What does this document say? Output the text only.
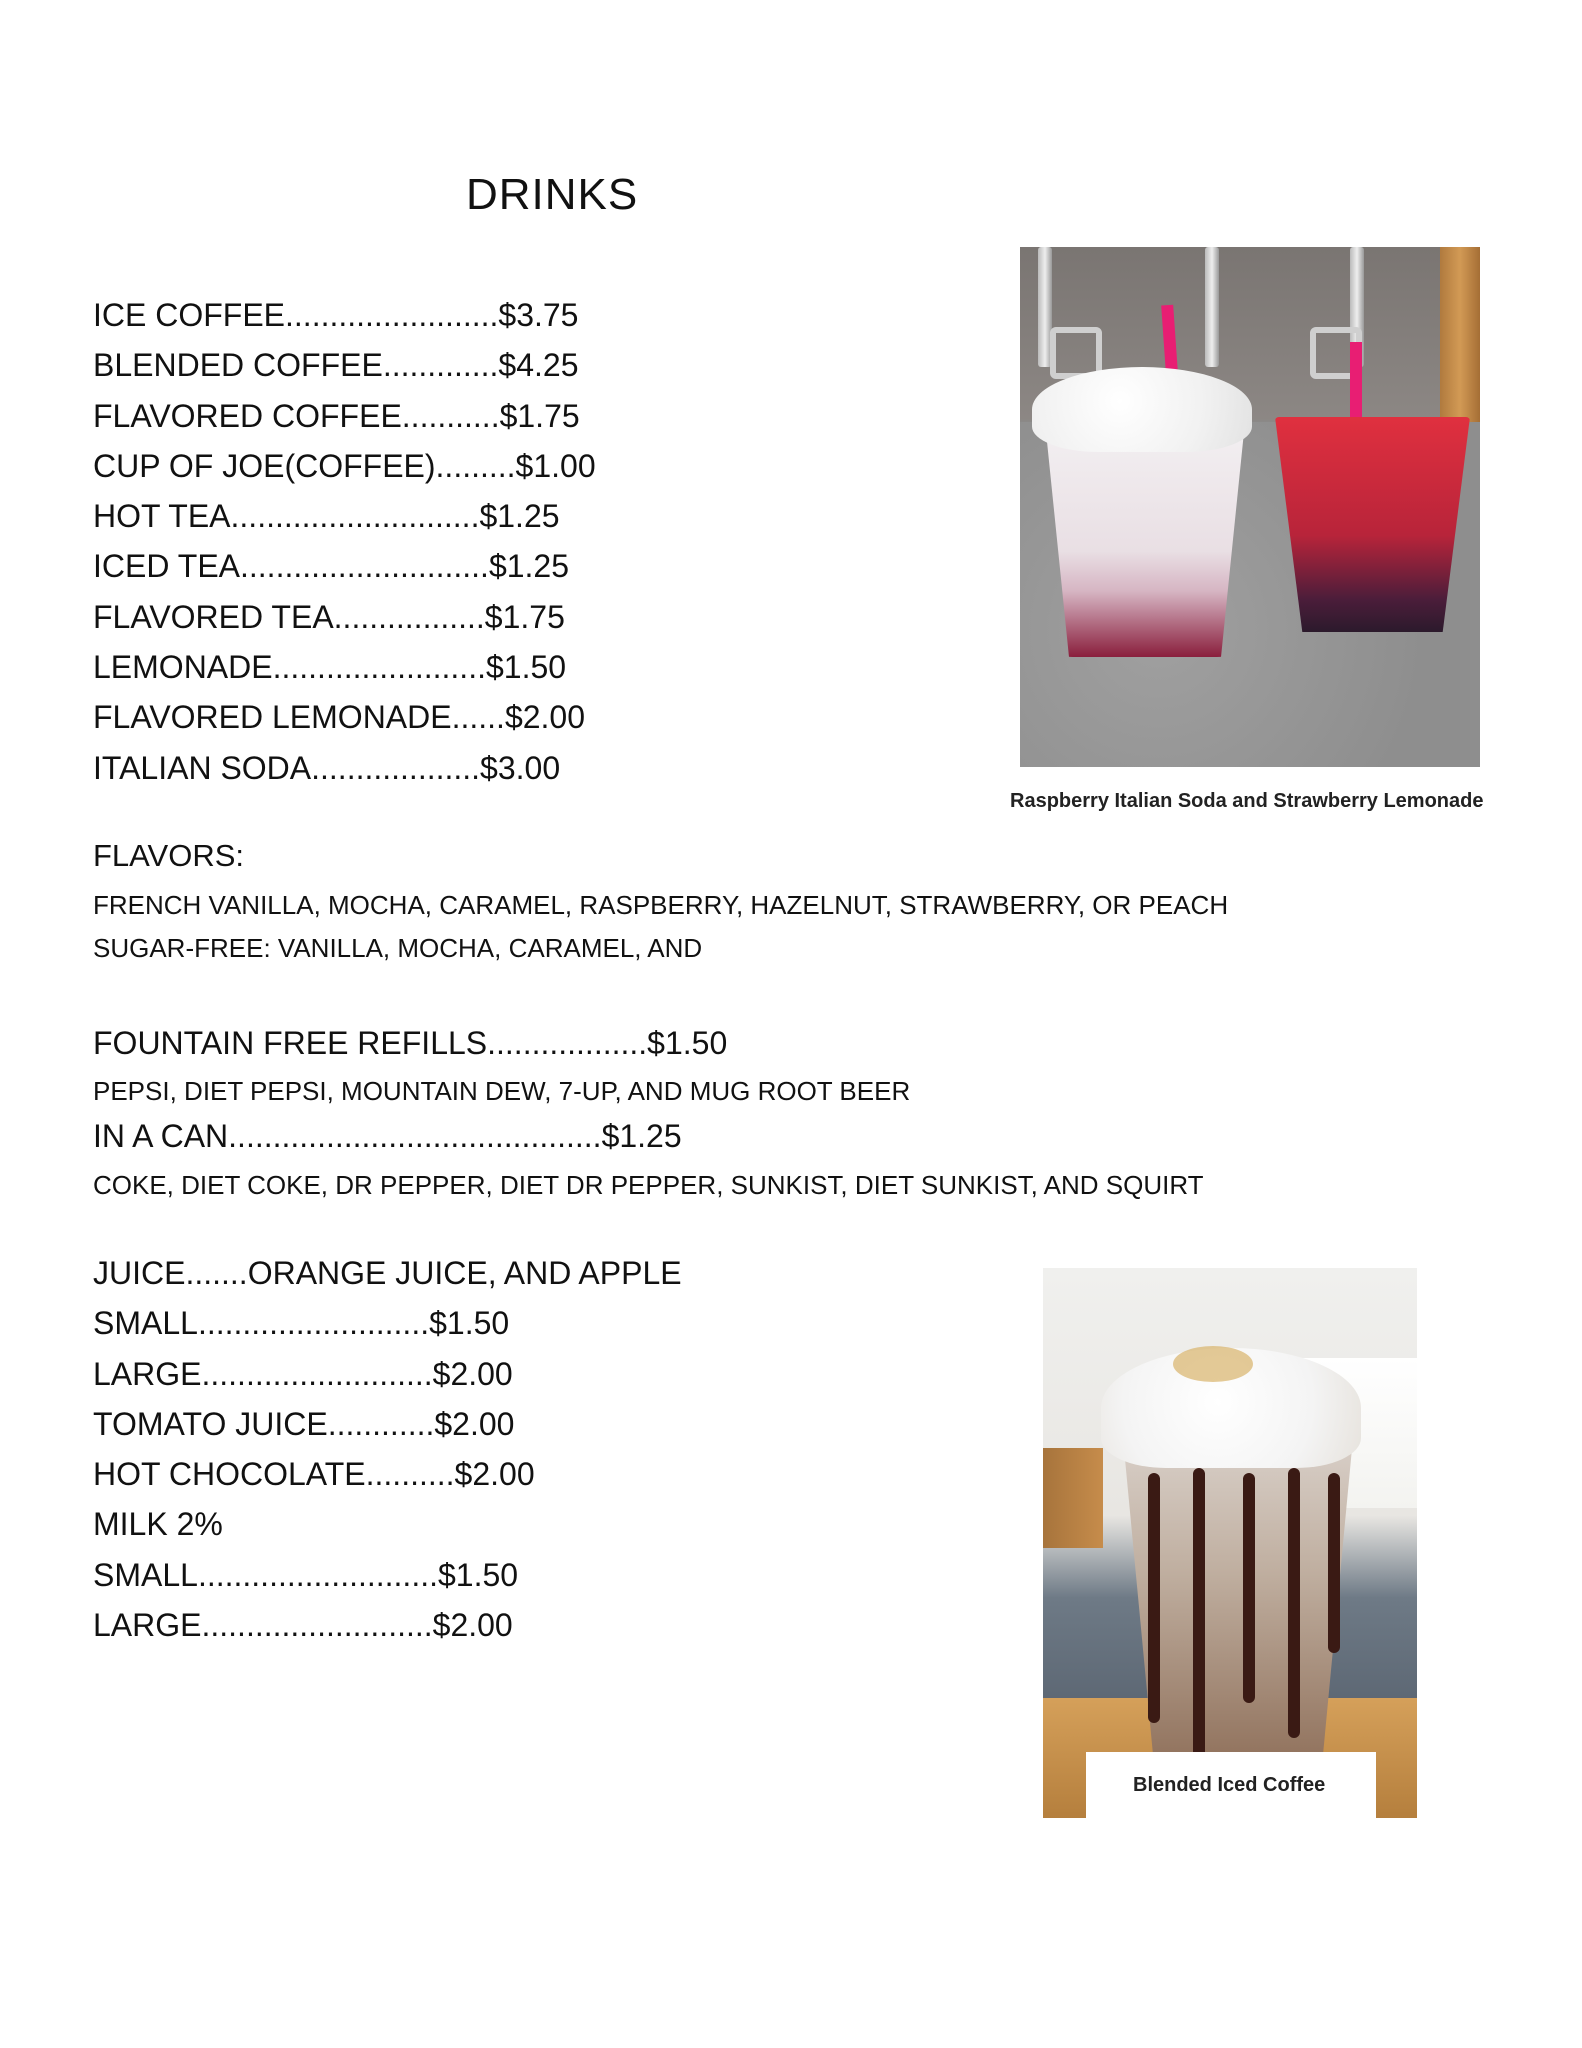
DRINKS
ICE COFFEE........................$3.75
BLENDED COFFEE.............$4.25
FLAVORED COFFEE...........$1.75
CUP OF JOE(COFFEE).........$1.00
HOT TEA............................$1.25
ICED TEA............................$1.25
FLAVORED TEA.................$1.75
LEMONADE........................$1.50
FLAVORED LEMONADE......$2.00
ITALIAN SODA...................$3.00
FLAVORS:
FRENCH VANILLA, MOCHA, CARAMEL, RASPBERRY, HAZELNUT, STRAWBERRY, OR PEACH
SUGAR-FREE: VANILLA, MOCHA, CARAMEL, AND
FOUNTAIN FREE REFILLS..................$1.50
PEPSI, DIET PEPSI, MOUNTAIN DEW, 7-UP, AND MUG ROOT BEER
IN A CAN..........................................$1.25
COKE, DIET COKE, DR PEPPER, DIET DR PEPPER, SUNKIST, DIET SUNKIST, AND SQUIRT
JUICE.......ORANGE JUICE, AND APPLE
SMALL..........................$1.50
LARGE..........................$2.00
TOMATO JUICE............$2.00
HOT CHOCOLATE..........$2.00
MILK 2%
SMALL...........................$1.50
LARGE..........................$2.00
Raspberry Italian Soda and Strawberry Lemonade
Blended Iced Coffee
